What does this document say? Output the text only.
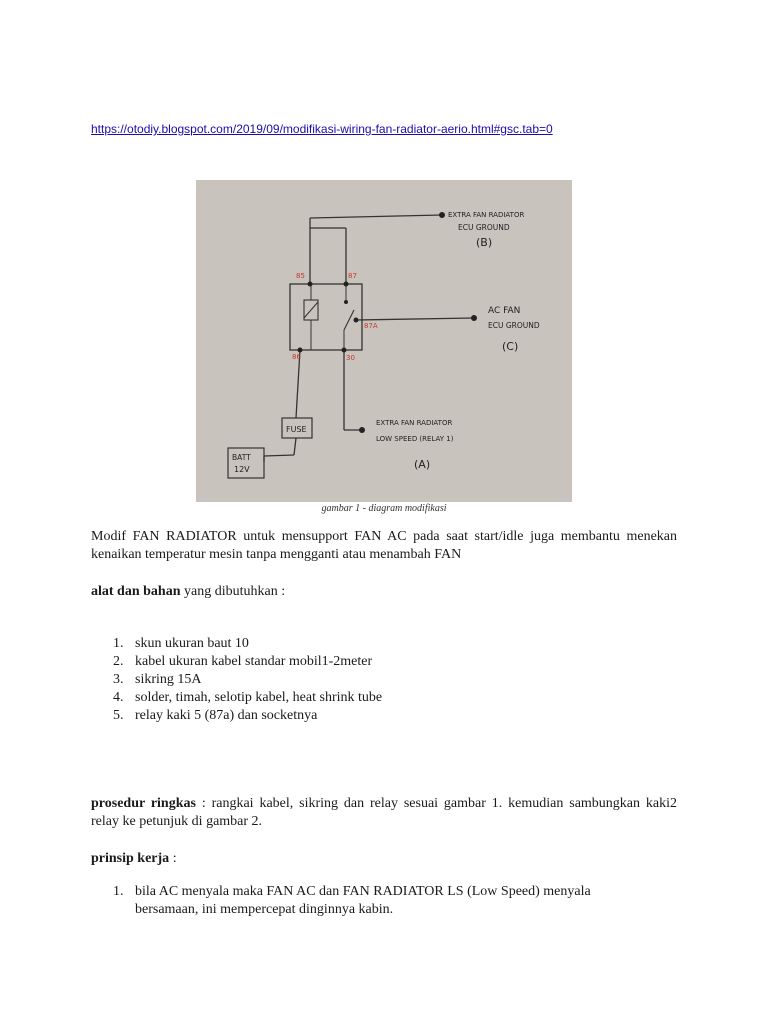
https://otodiy.blogspot.com/2019/09/modifikasi-wiring-fan-radiator-aerio.html#gsc.tab=0
85	87
87A
86	30
EXTRA FAN RADIATOR
ECU GROUND
(B)
AC FAN
ECU GROUND
(C)
EXTRA FAN RADIATOR
LOW SPEED (RELAY 1)
(A)
FUSE
BATT
12V
gambar 1 - diagram modifikasi
Modif FAN RADIATOR untuk mensupport FAN AC pada saat start/idle juga membantu menekan kenaikan temperatur mesin tanpa mengganti atau menambah FAN
alat dan bahan yang dibutuhkan :
1. skun ukuran baut 10
2. kabel ukuran kabel standar mobil1-2meter
3. sikring 15A
4. solder, timah, selotip kabel, heat shrink tube
5. relay kaki 5 (87a) dan socketnya
prosedur ringkas : rangkai kabel, sikring dan relay sesuai gambar 1. kemudian sambungkan kaki2 relay ke petunjuk di gambar 2.
prinsip kerja :
1. bila AC menyala maka FAN AC dan FAN RADIATOR LS (Low Speed) menyala bersamaan, ini mempercepat dinginnya kabin.
